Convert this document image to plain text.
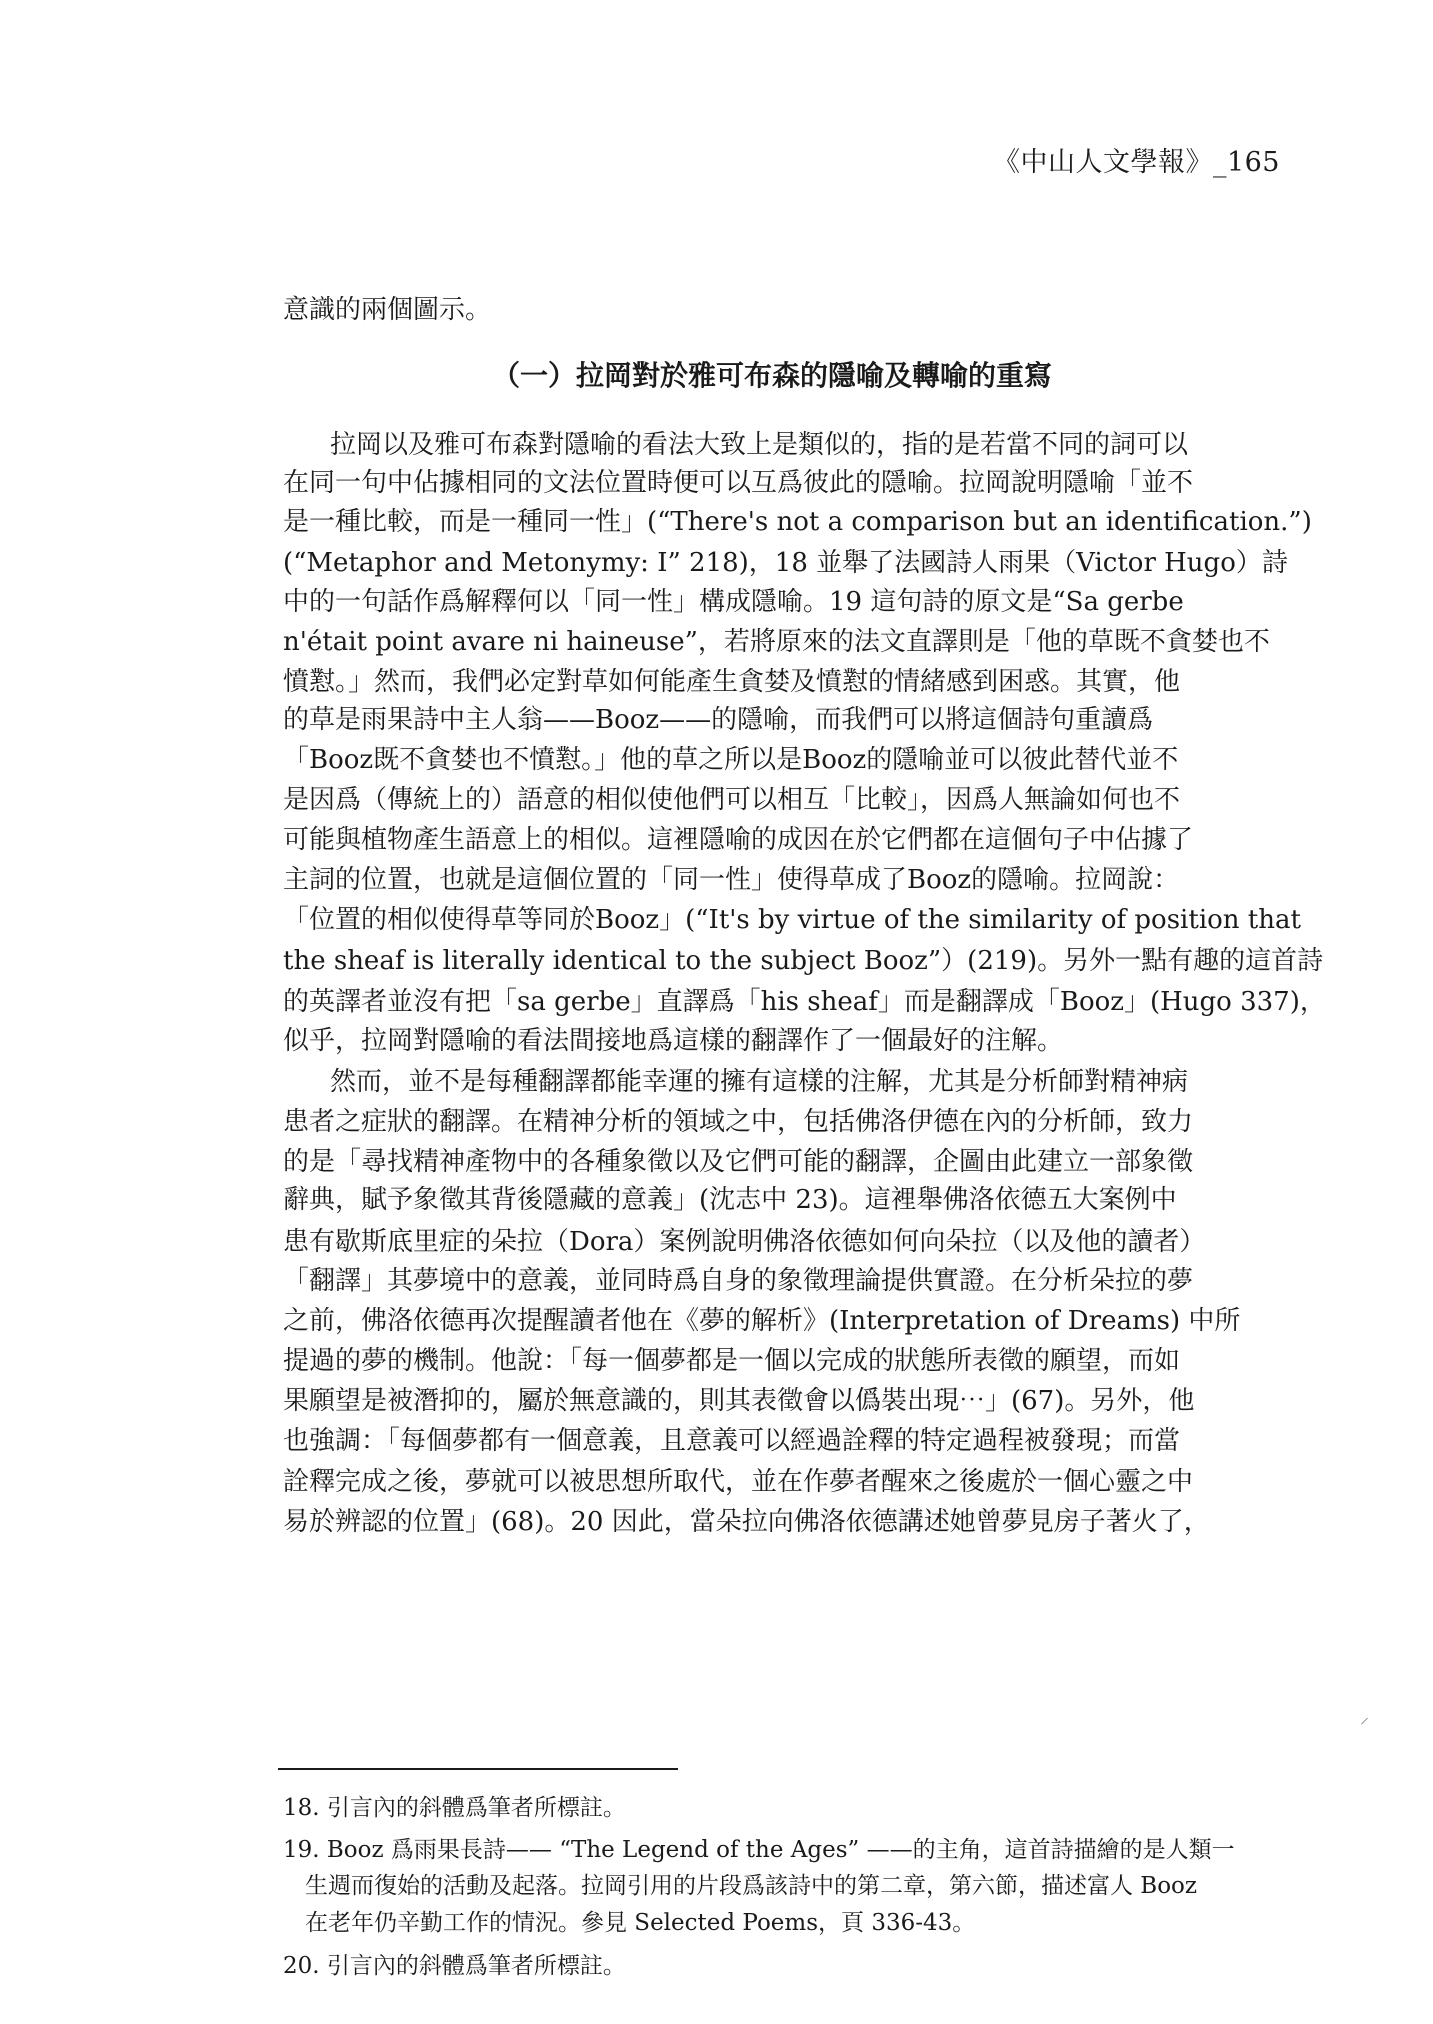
《中山人文學報》_165
意識的兩個圖示。
（一）拉岡對於雅可布森的隱喻及轉喻的重寫
拉岡以及雅可布森對隱喻的看法大致上是類似的，指的是若當不同的詞可以
在同一句中佔據相同的文法位置時便可以互爲彼此的隱喻。拉岡說明隱喻「並不
是一種比較，而是一種同一性」(“There's not a comparison but an identification.”)
(“Metaphor and Metonymy: I” 218)，18 並舉了法國詩人雨果（Victor Hugo）詩
中的一句話作爲解釋何以「同一性」構成隱喻。19 這句詩的原文是“Sa gerbe
n'était point avare ni haineuse”，若將原來的法文直譯則是「他的草既不貪婪也不
憤懟。」然而，我們必定對草如何能產生貪婪及憤懟的情緒感到困惑。其實，他
的草是雨果詩中主人翁——Booz——的隱喻，而我們可以將這個詩句重讀爲
「Booz既不貪婪也不憤懟。」他的草之所以是Booz的隱喻並可以彼此替代並不
是因爲（傳統上的）語意的相似使他們可以相互「比較」，因爲人無論如何也不
可能與植物產生語意上的相似。這裡隱喻的成因在於它們都在這個句子中佔據了
主詞的位置，也就是這個位置的「同一性」使得草成了Booz的隱喻。拉岡說：
「位置的相似使得草等同於Booz」(“It's by virtue of the similarity of position that
the sheaf is literally identical to the subject Booz”）(219)。另外一點有趣的這首詩
的英譯者並沒有把「sa gerbe」直譯爲「his sheaf」而是翻譯成「Booz」(Hugo 337)，
似乎，拉岡對隱喻的看法間接地爲這樣的翻譯作了一個最好的注解。
然而，並不是每種翻譯都能幸運的擁有這樣的注解，尤其是分析師對精神病
患者之症狀的翻譯。在精神分析的領域之中，包括佛洛伊德在內的分析師，致力
的是「尋找精神產物中的各種象徵以及它們可能的翻譯，企圖由此建立一部象徵
辭典，賦予象徵其背後隱藏的意義」(沈志中 23)。這裡舉佛洛依德五大案例中
患有歇斯底里症的朵拉（Dora）案例說明佛洛依德如何向朵拉（以及他的讀者）
「翻譯」其夢境中的意義，並同時爲自身的象徵理論提供實證。在分析朵拉的夢
之前，佛洛依德再次提醒讀者他在《夢的解析》(Interpretation of Dreams) 中所
提過的夢的機制。他說：「每一個夢都是一個以完成的狀態所表徵的願望，而如
果願望是被潛抑的，屬於無意識的，則其表徵會以僞裝出現⋯」(67)。另外，他
也強調：「每個夢都有一個意義，且意義可以經過詮釋的特定過程被發現；而當
詮釋完成之後，夢就可以被思想所取代，並在作夢者醒來之後處於一個心靈之中
易於辨認的位置」(68)。20 因此，當朵拉向佛洛依德講述她曾夢見房子著火了，
18. 引言內的斜體爲筆者所標註。
19. Booz 爲雨果長詩—— “The Legend of the Ages” ——的主角，這首詩描繪的是人類一
生週而復始的活動及起落。拉岡引用的片段爲該詩中的第二章，第六節，描述富人 Booz
在老年仍辛勤工作的情況。參見 Selected Poems，頁 336-43。
20. 引言內的斜體爲筆者所標註。
⸝
